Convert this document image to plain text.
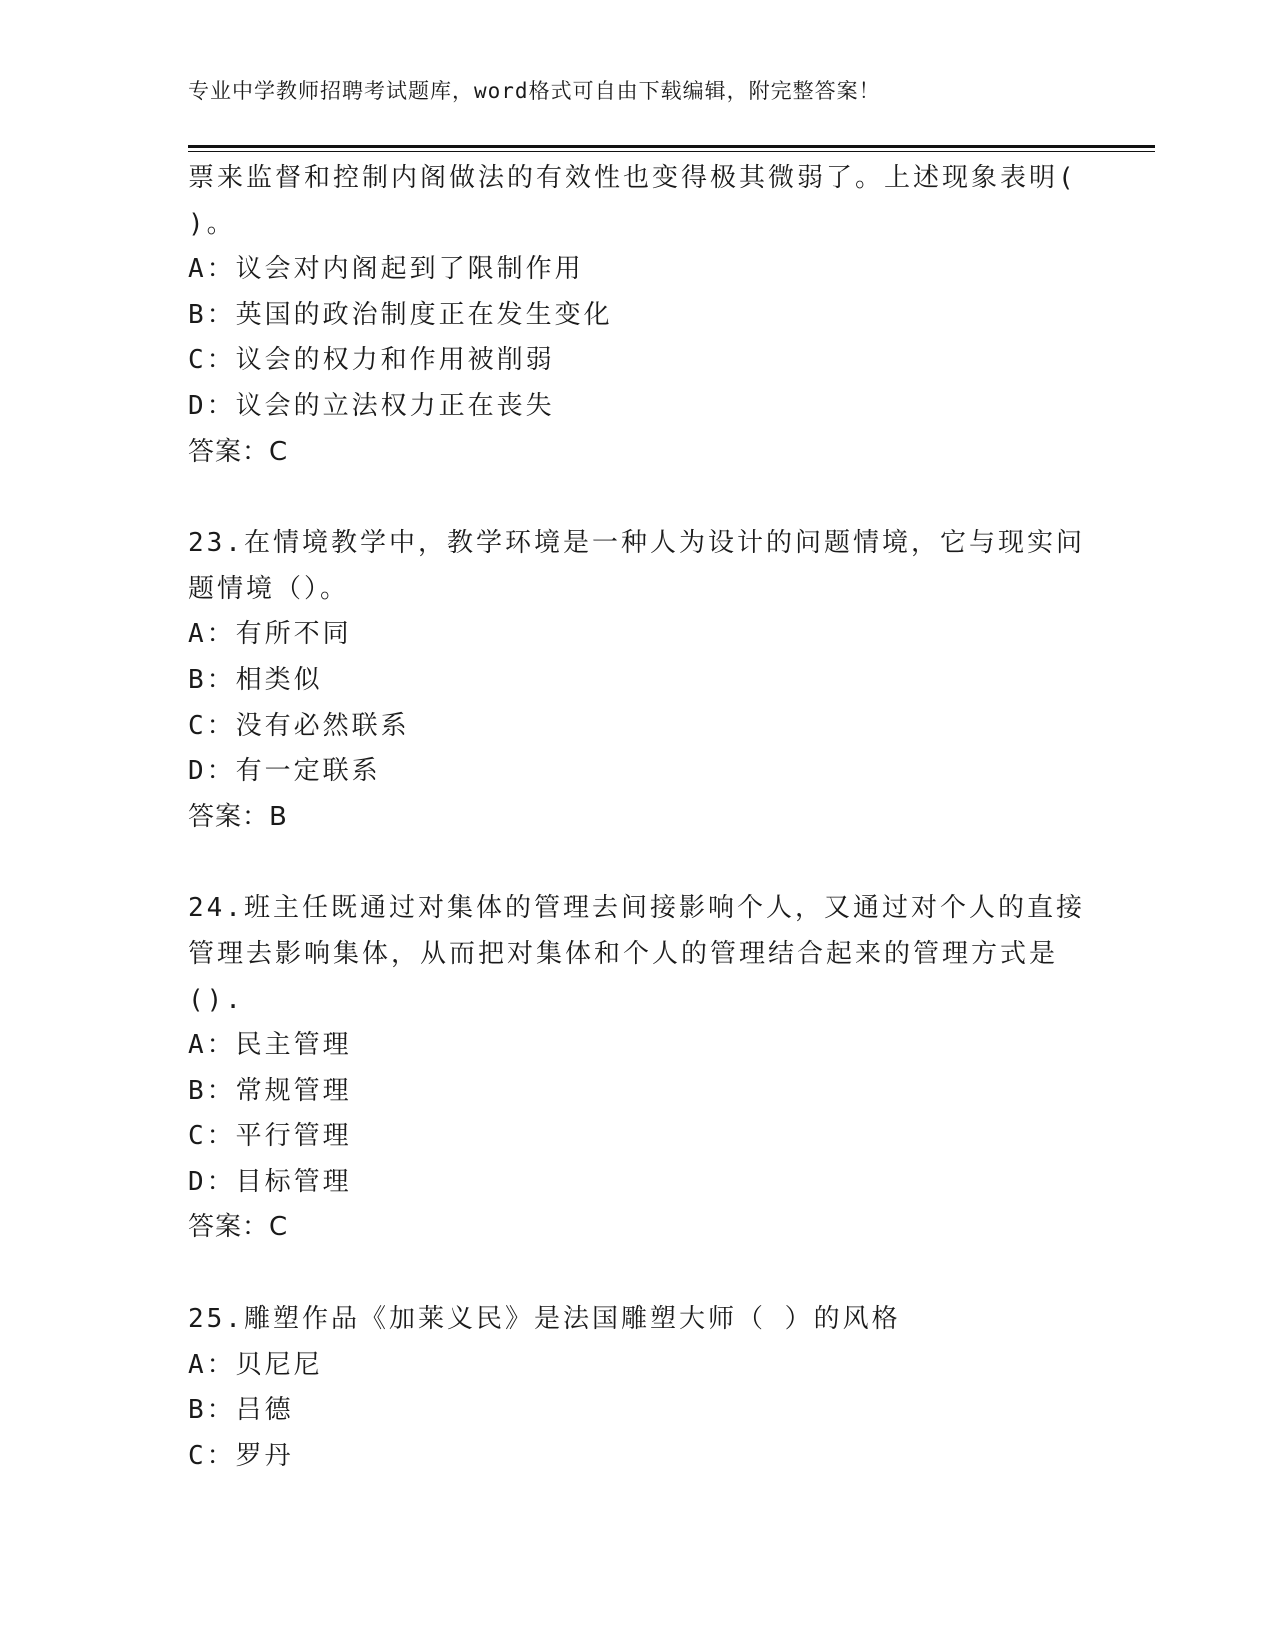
专业中学教师招聘考试题库，word格式可自由下载编辑，附完整答案！
票来监督和控制内阁做法的有效性也变得极其微弱了。上述现象表明(
)。
A：议会对内阁起到了限制作用
B：英国的政治制度正在发生变化
C：议会的权力和作用被削弱
D：议会的立法权力正在丧失
答案：C
23.在情境教学中，教学环境是一种人为设计的问题情境，它与现实问
题情境（）。
A：有所不同
B：相类似
C：没有必然联系
D：有一定联系
答案：B
24.班主任既通过对集体的管理去间接影响个人，又通过对个人的直接
管理去影响集体，从而把对集体和个人的管理结合起来的管理方式是
().
A：民主管理
B：常规管理
C：平行管理
D：目标管理
答案：C
25.雕塑作品《加莱义民》是法国雕塑大师（ ）的风格
A：贝尼尼
B：吕德
C：罗丹
